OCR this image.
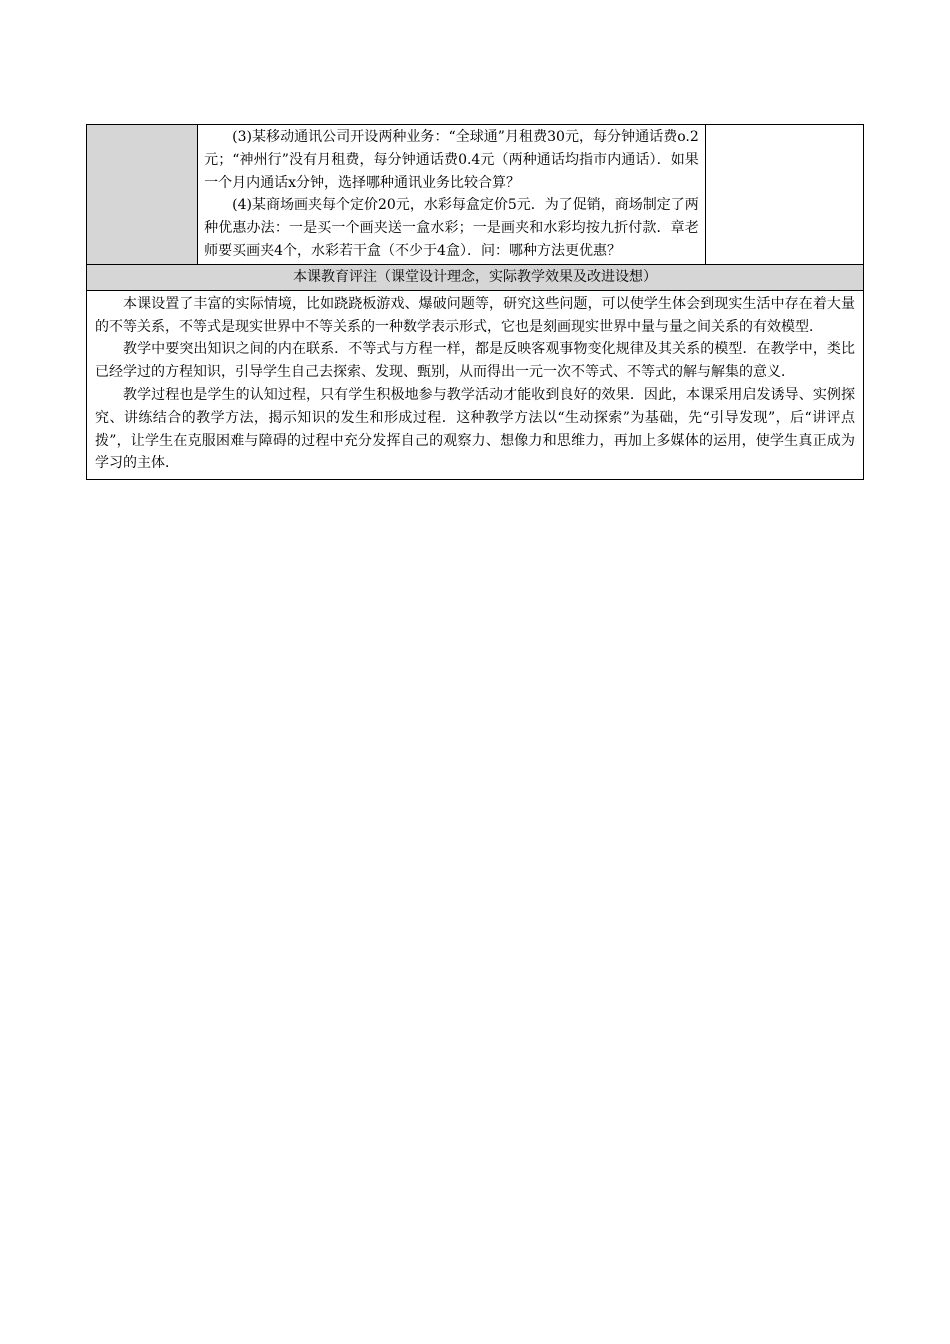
(3)某移动通讯公司开设两种业务：“全球通”月租费30元，每分钟通话费o.2元；“神州行”没有月租费，每分钟通话费0.4元（两种通话均指市内通话）．如果一个月内通话x分钟，选择哪种通讯业务比较合算？

(4)某商场画夹每个定价20元，水彩每盒定价5元．为了促销，商场制定了两种优惠办法：一是买一个画夹送一盒水彩；一是画夹和水彩均按九折付款．章老师要买画夹4个，水彩若干盒（不少于4盒）．问：哪种方法更优惠？

本课教育评注（课堂设计理念，实际教学效果及改进设想）

本课设置了丰富的实际情境，比如跷跷板游戏、爆破问题等，研究这些问题，可以使学生体会到现实生活中存在着大量的不等关系，不等式是现实世界中不等关系的一种数学表示形式，它也是刻画现实世界中量与量之间关系的有效模型．

教学中要突出知识之间的内在联系．不等式与方程一样，都是反映客观事物变化规律及其关系的模型．在教学中，类比已经学过的方程知识，引导学生自己去探索、发现、甄别，从而得出一元一次不等式、不等式的解与解集的意义．

教学过程也是学生的认知过程，只有学生积极地参与教学活动才能收到良好的效果．因此，本课采用启发诱导、实例探究、讲练结合的教学方法，揭示知识的发生和形成过程．这种教学方法以“生动探索”为基础，先“引导发现”，后“讲评点拨”，让学生在克服困难与障碍的过程中充分发挥自己的观察力、想像力和思维力，再加上多媒体的运用，使学生真正成为学习的主体．
